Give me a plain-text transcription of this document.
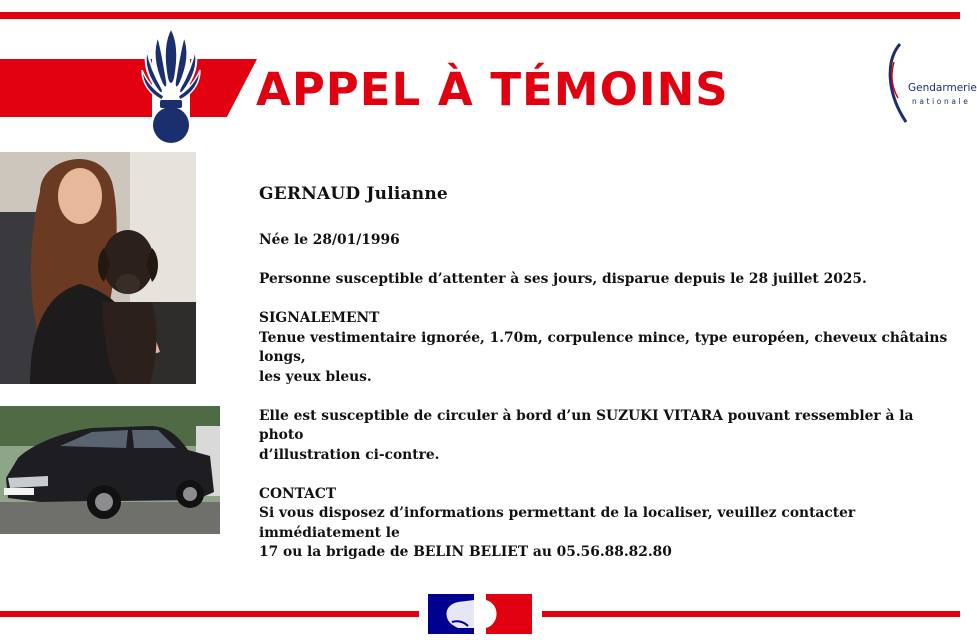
APPEL À TÉMOINS	Gendarmerie
nationale
GERNAUD Julianne
Née le 28/01/1996
Personne susceptible d’attenter à ses jours, disparue depuis le 28 juillet 2025.
SIGNALEMENT
Tenue vestimentaire ignorée, 1.70m, corpulence mince, type européen, cheveux châtains longs,
les yeux bleus.
Elle est susceptible de circuler à bord d’un SUZUKI VITARA pouvant ressembler à la photo
d’illustration ci-contre.
CONTACT
Si vous disposez d’informations permettant de la localiser, veuillez contacter immédiatement le
17 ou la brigade de BELIN BELIET au 05.56.88.82.80
